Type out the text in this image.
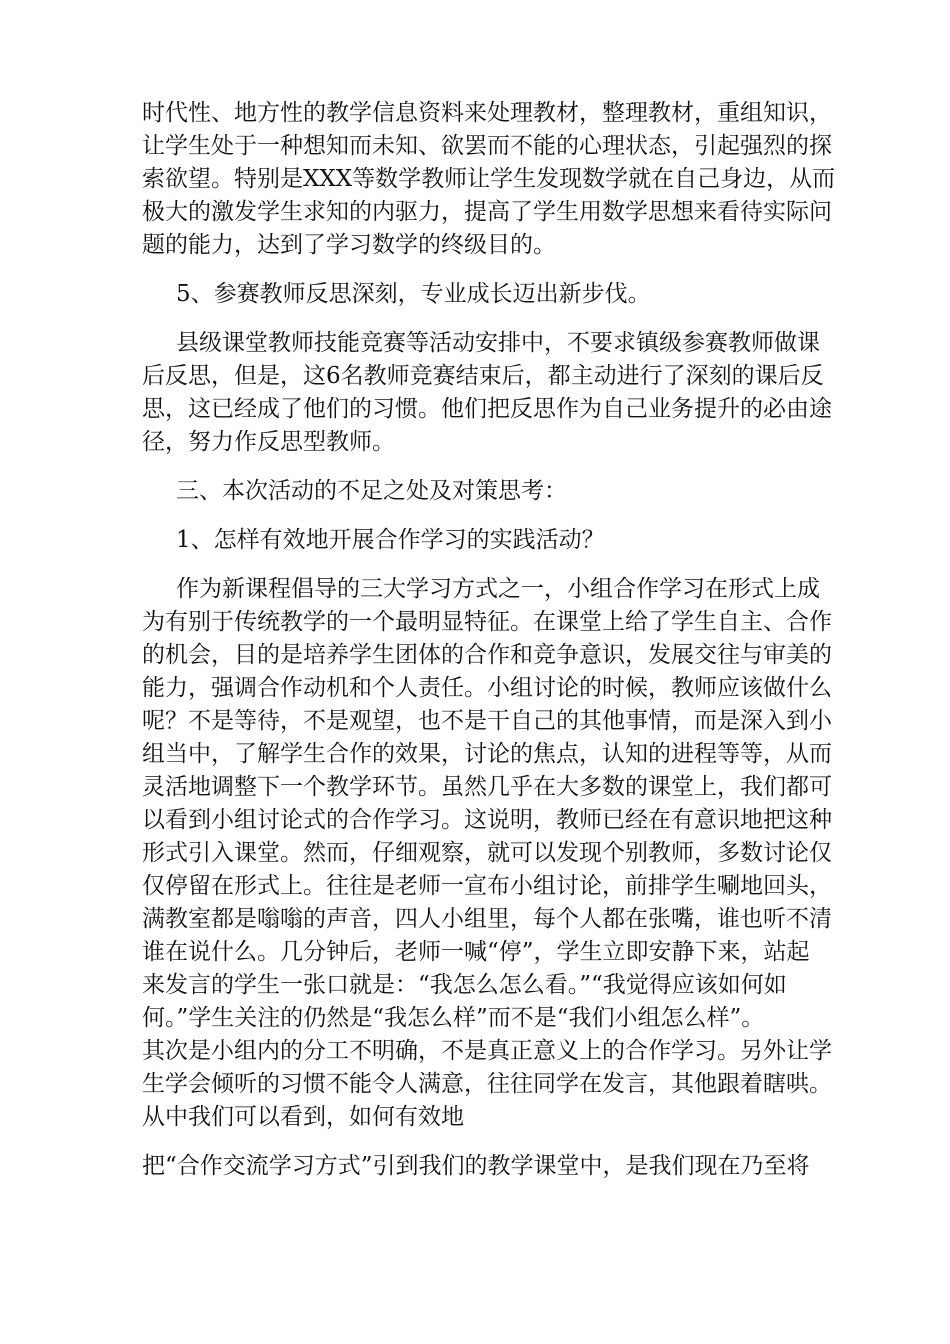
时代性、地方性的教学信息资料来处理教材，整理教材，重组知识，
让学生处于一种想知而未知、欲罢而不能的心理状态，引起强烈的探
索欲望。特别是XXX等数学教师让学生发现数学就在自己身边，从而
极大的激发学生求知的内驱力，提高了学生用数学思想来看待实际问
题的能力，达到了学习数学的终级目的。
5、参赛教师反思深刻，专业成长迈出新步伐。
县级课堂教师技能竞赛等活动安排中，不要求镇级参赛教师做课
后反思，但是，这6名教师竞赛结束后，都主动进行了深刻的课后反
思，这已经成了他们的习惯。他们把反思作为自己业务提升的必由途
径，努力作反思型教师。
三、本次活动的不足之处及对策思考：
1、怎样有效地开展合作学习的实践活动？
作为新课程倡导的三大学习方式之一，小组合作学习在形式上成
为有别于传统教学的一个最明显特征。在课堂上给了学生自主、合作
的机会，目的是培养学生团体的合作和竞争意识，发展交往与审美的
能力，强调合作动机和个人责任。小组讨论的时候，教师应该做什么
呢？不是等待，不是观望，也不是干自己的其他事情，而是深入到小
组当中，了解学生合作的效果，讨论的焦点，认知的进程等等，从而
灵活地调整下一个教学环节。虽然几乎在大多数的课堂上，我们都可
以看到小组讨论式的合作学习。这说明，教师已经在有意识地把这种
形式引入课堂。然而，仔细观察，就可以发现个别教师，多数讨论仅
仅停留在形式上。往往是老师一宣布小组讨论，前排学生唰地回头，
满教室都是嗡嗡的声音，四人小组里，每个人都在张嘴，谁也听不清
谁在说什么。几分钟后，老师一喊“停”，学生立即安静下来，站起
来发言的学生一张口就是：“我怎么怎么看。”“我觉得应该如何如
何。”学生关注的仍然是“我怎么样”而不是“我们小组怎么样”。
其次是小组内的分工不明确，不是真正意义上的合作学习。另外让学
生学会倾听的习惯不能令人满意，往往同学在发言，其他跟着瞎哄。
从中我们可以看到，如何有效地
把“合作交流学习方式”引到我们的教学课堂中，是我们现在乃至将
